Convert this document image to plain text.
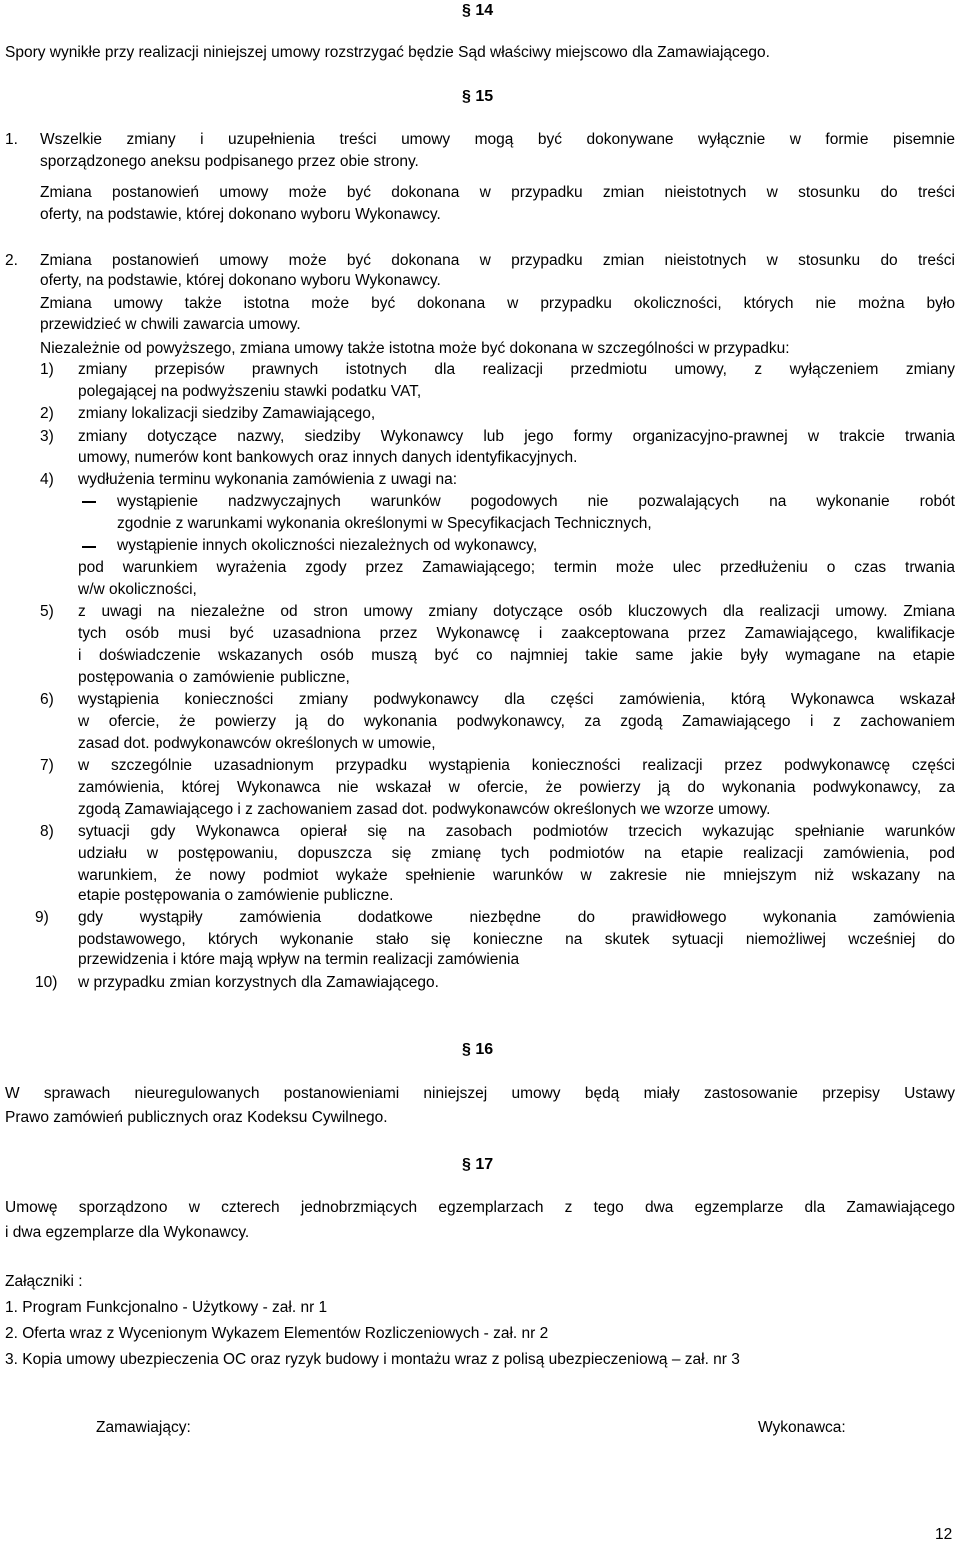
§ 14
Spory wynikłe przy realizacji niniejszej umowy rozstrzygać będzie Sąd właściwy miejscowo dla Zamawiającego.
§ 15
1. Wszelkie zmiany i uzupełnienia treści umowy mogą być dokonywane wyłącznie w formie pisemnie
sporządzonego aneksu podpisanego przez obie strony.
Zmiana postanowień umowy może być dokonana w przypadku zmian nieistotnych w stosunku do treści
oferty, na podstawie, której dokonano wyboru Wykonawcy.
2. Zmiana postanowień umowy może być dokonana w przypadku zmian nieistotnych w stosunku do treści
oferty, na podstawie, której dokonano wyboru Wykonawcy.
Zmiana umowy także istotna może być dokonana w przypadku okoliczności, których nie można było
przewidzieć w chwili zawarcia umowy.
Niezależnie od powyższego, zmiana umowy także istotna może być dokonana w szczególności w przypadku:
1) zmiany przepisów prawnych istotnych dla realizacji przedmiotu umowy, z wyłączeniem zmiany
polegającej na podwyższeniu stawki podatku VAT,
2) zmiany lokalizacji siedziby Zamawiającego,
3) zmiany dotyczące nazwy, siedziby Wykonawcy lub jego formy organizacyjno-prawnej w trakcie trwania
umowy, numerów kont bankowych oraz innych danych identyfikacyjnych.
4) wydłużenia terminu wykonania zamówienia z uwagi na:
wystąpienie nadzwyczajnych warunków pogodowych nie pozwalających na wykonanie robót
zgodnie z warunkami wykonania określonymi w Specyfikacjach Technicznych,
wystąpienie innych okoliczności niezależnych od wykonawcy,
pod warunkiem wyrażenia zgody przez Zamawiającego; termin może ulec przedłużeniu o czas trwania
w/w okoliczności,
5) z uwagi na niezależne od stron umowy zmiany dotyczące osób kluczowych dla realizacji umowy. Zmiana
tych osób musi być uzasadniona przez Wykonawcę i zaakceptowana przez Zamawiającego, kwalifikacje
i doświadczenie wskazanych osób muszą być co najmniej takie same jakie były wymagane na etapie
postępowania o zamówienie publiczne,
6) wystąpienia konieczności zmiany podwykonawcy dla części zamówienia, którą Wykonawca wskazał
w ofercie, że powierzy ją do wykonania podwykonawcy, za zgodą Zamawiającego i z zachowaniem
zasad dot. podwykonawców określonych w umowie,
7) w szczególnie uzasadnionym przypadku wystąpienia konieczności realizacji przez podwykonawcę części
zamówienia, której Wykonawca nie wskazał w ofercie, że powierzy ją do wykonania podwykonawcy, za
zgodą Zamawiającego i z zachowaniem zasad dot. podwykonawców określonych we wzorze umowy.
8) sytuacji gdy Wykonawca opierał się na zasobach podmiotów trzecich wykazując spełnianie warunków
udziału w postępowaniu, dopuszcza się zmianę tych podmiotów na etapie realizacji zamówienia, pod
warunkiem, że nowy podmiot wykaże spełnienie warunków w zakresie nie mniejszym niż wskazany na
etapie postępowania o zamówienie publiczne.
9) gdy wystąpiły zamówienia dodatkowe niezbędne do prawidłowego wykonania zamówienia
podstawowego, których wykonanie stało się konieczne na skutek sytuacji niemożliwej wcześniej do
przewidzenia i które mają wpływ na termin realizacji zamówienia
10) w przypadku zmian korzystnych dla Zamawiającego.
§ 16
W sprawach nieuregulowanych postanowieniami niniejszej umowy będą miały zastosowanie przepisy Ustawy
Prawo zamówień publicznych oraz Kodeksu Cywilnego.
§ 17
Umowę sporządzono w czterech jednobrzmiących egzemplarzach z tego dwa egzemplarze dla Zamawiającego
i dwa egzemplarze dla Wykonawcy.
Załączniki :
1. Program Funkcjonalno - Użytkowy - zał. nr 1
2. Oferta wraz z Wycenionym Wykazem Elementów Rozliczeniowych - zał. nr 2
3. Kopia umowy ubezpieczenia OC oraz ryzyk budowy i montażu wraz z polisą ubezpieczeniową – zał. nr 3
Zamawiający:	Wykonawca:
12
